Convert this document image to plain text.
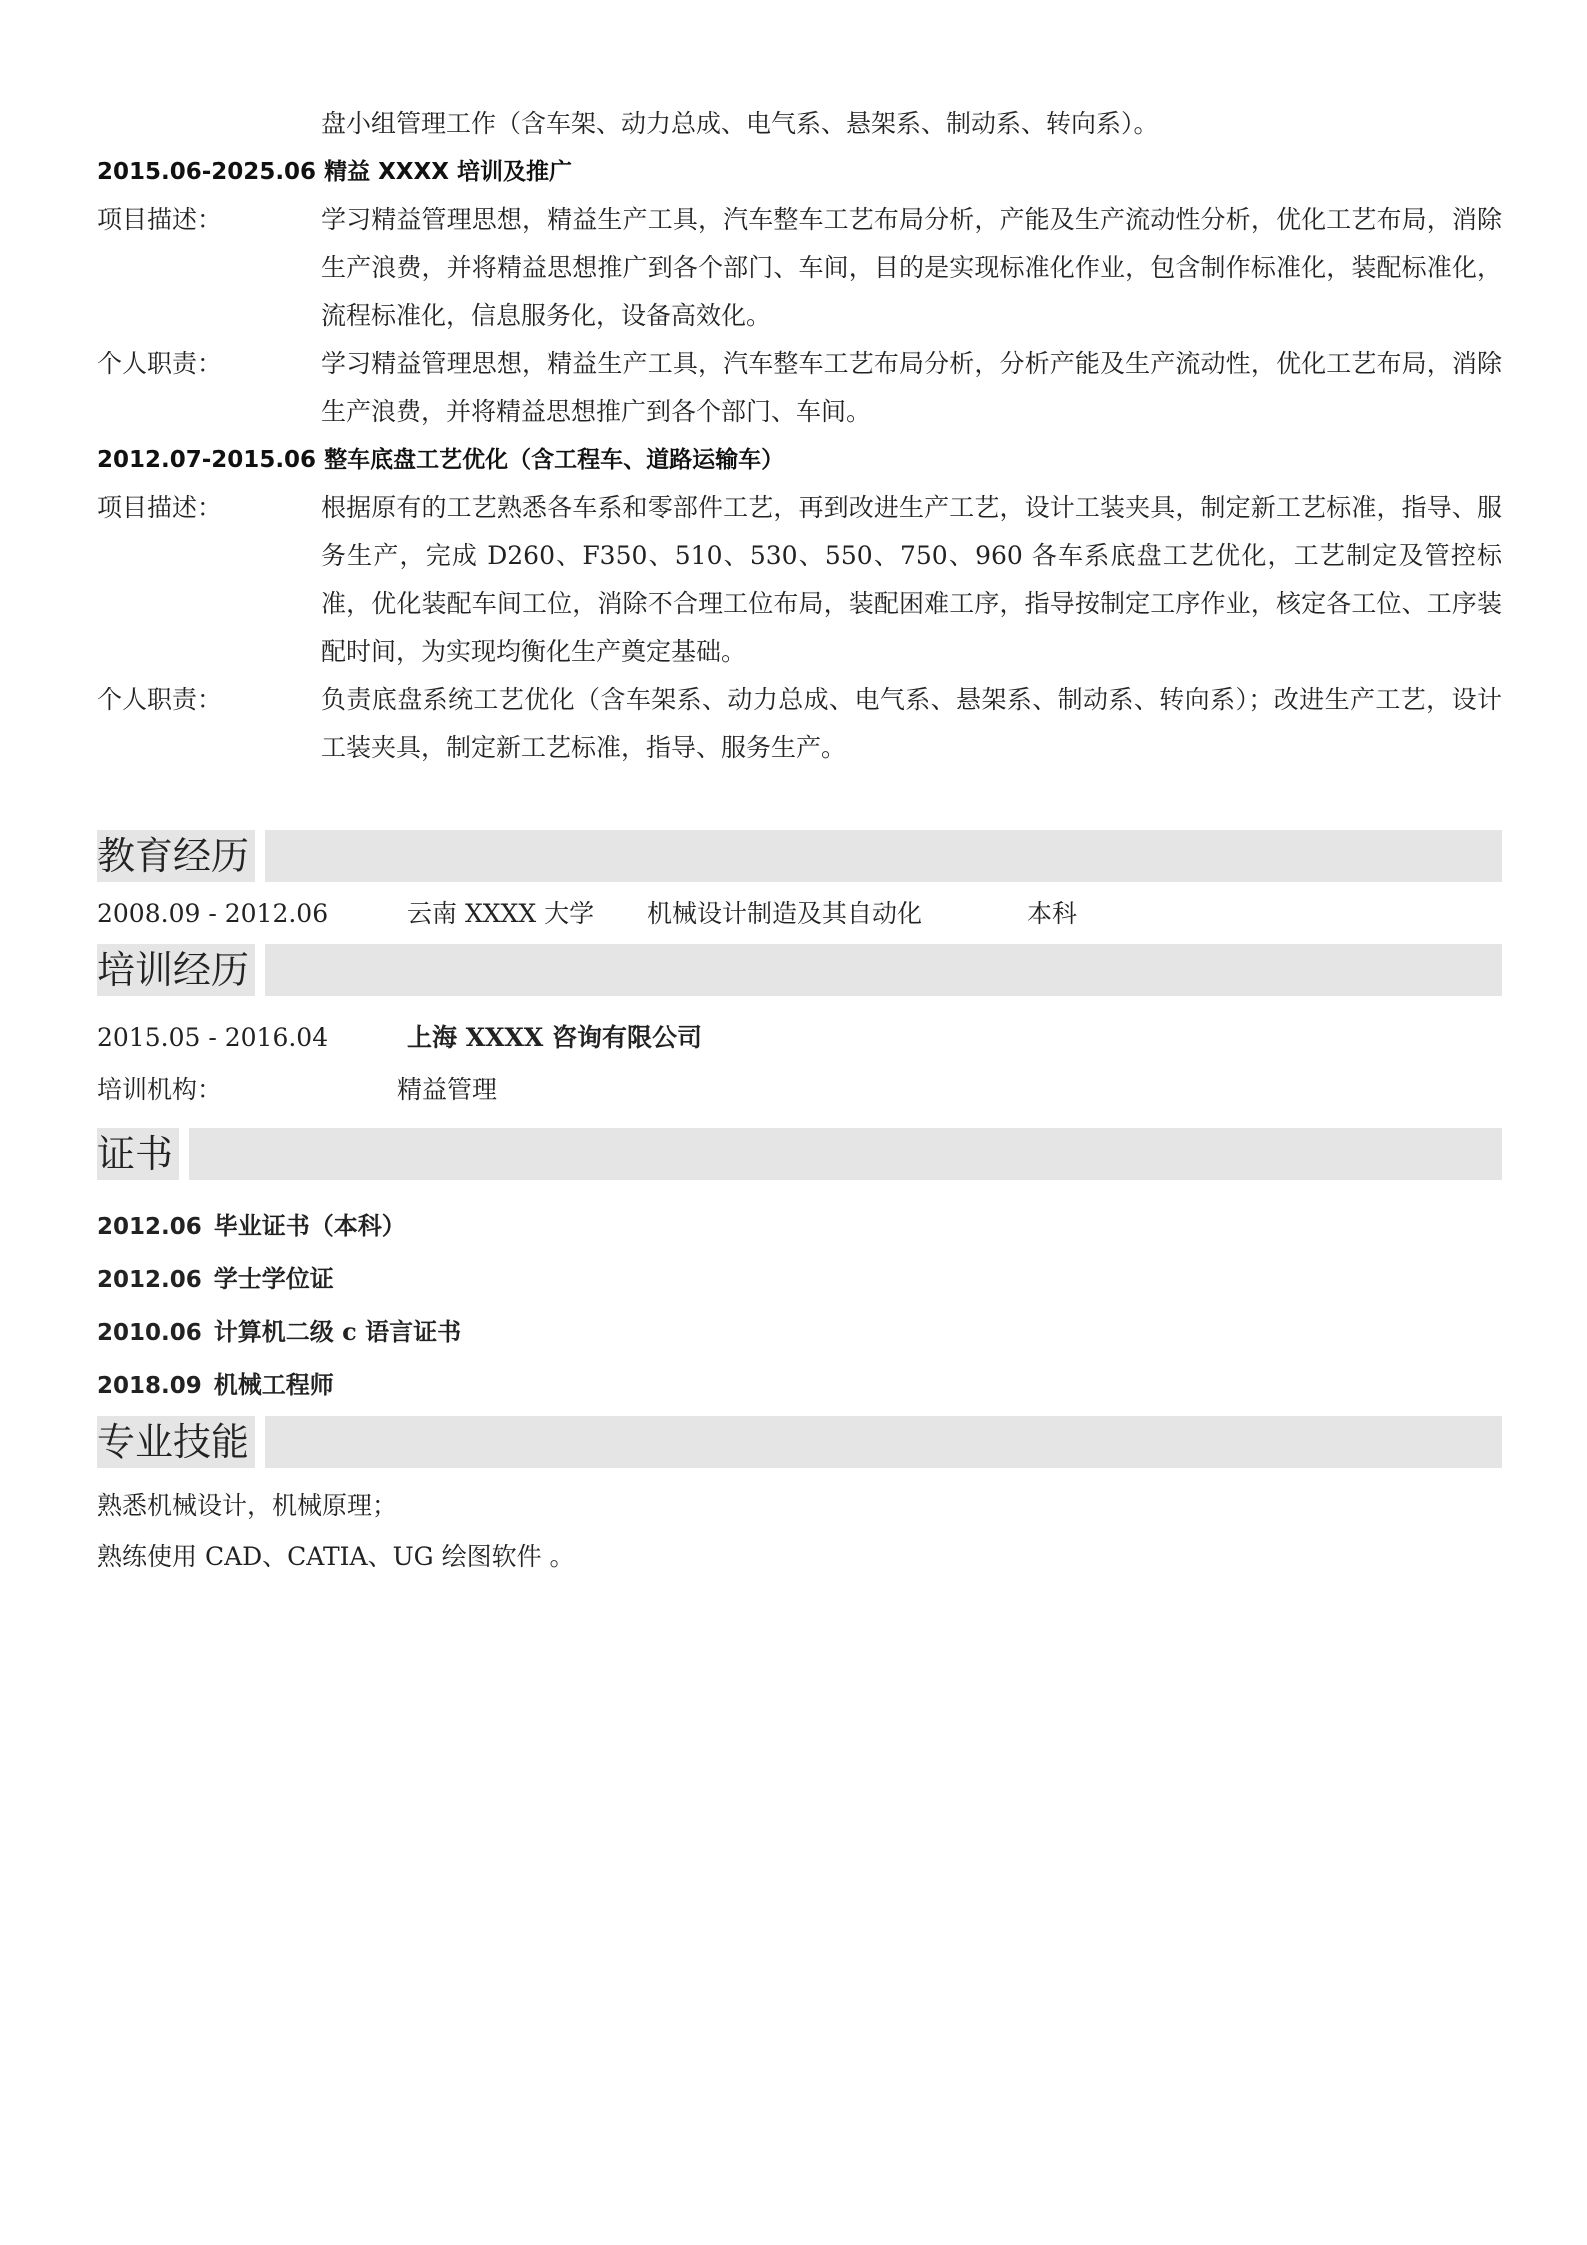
盘小组管理工作（含车架、动力总成、电气系、悬架系、制动系、转向系）。
2015.06-2025.06 精益 XXXX 培训及推广
项目描述：	学习精益管理思想，精益生产工具，汽车整车工艺布局分析，产能及生产流动性分析，优化工艺布局，消除生产浪费，并将精益思想推广到各个部门、车间，目的是实现标准化作业，包含制作标准化，装配标准化，流程标准化，信息服务化，设备高效化。
个人职责：	学习精益管理思想，精益生产工具，汽车整车工艺布局分析，分析产能及生产流动性，优化工艺布局，消除生产浪费，并将精益思想推广到各个部门、车间。
2012.07-2015.06 整车底盘工艺优化（含工程车、道路运输车）
项目描述：	根据原有的工艺熟悉各车系和零部件工艺，再到改进生产工艺，设计工装夹具，制定新工艺标准，指导、服务生产，完成 D260、F350、510、530、550、750、960 各车系底盘工艺优化，工艺制定及管控标准，优化装配车间工位，消除不合理工位布局，装配困难工序，指导按制定工序作业，核定各工位、工序装配时间，为实现均衡化生产奠定基础。
个人职责：	负责底盘系统工艺优化（含车架系、动力总成、电气系、悬架系、制动系、转向系）；改进生产工艺，设计工装夹具，制定新工艺标准，指导、服务生产。
教育经历
2008.09 - 2012.06	云南 XXXX 大学 机械设计制造及其自动化	本科
培训经历
2015.05 - 2016.04	上海 XXXX 咨询有限公司
培训机构：	精益管理
证书
2012.06 毕业证书（本科）
2012.06 学士学位证
2010.06 计算机二级 c 语言证书
2018.09 机械工程师
专业技能
熟悉机械设计，机械原理；
熟练使用 CAD、CATIA、UG 绘图软件 。
